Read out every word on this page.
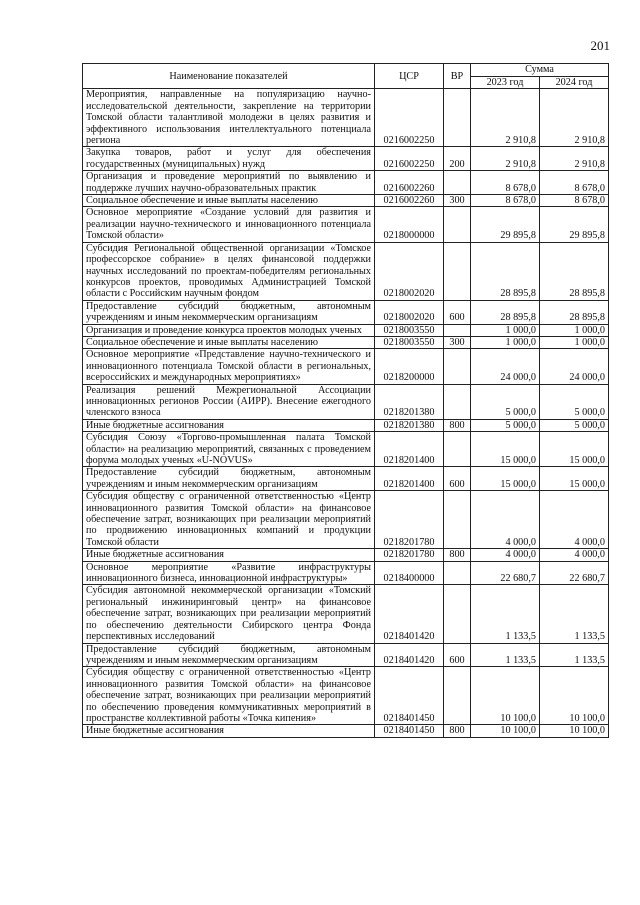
201
Наименование показателей	ЦСР	ВР	Сумма	
			2023 год	2024 год
Мероприятия, направленные на популяризацию научно-исследовательской деятельности, закрепление на территории Томской области талантливой молодежи в целях развития и эффективного использования интеллектуального потенциала региона	0216002250		2 910,8	2 910,8
Закупка товаров, работ и услуг для обеспечения государственных (муниципальных) нужд	0216002250	200	2 910,8	2 910,8
Организация и проведение мероприятий по выявлению и поддержке лучших научно-образовательных практик	0216002260		8 678,0	8 678,0
Социальное обеспечение и иные выплаты населению	0216002260	300	8 678,0	8 678,0
Основное мероприятие «Создание условий для развития и реализации научно-технического и инновационного потенциала Томской области»	0218000000		29 895,8	29 895,8
Субсидия Региональной общественной организации «Томское профессорское собрание» в целях финансовой поддержки научных исследований по проектам-победителям региональных конкурсов проектов, проводимых Администрацией Томской области с Российским научным фондом	0218002020		28 895,8	28 895,8
Предоставление субсидий бюджетным, автономным учреждениям и иным некоммерческим организациям	0218002020	600	28 895,8	28 895,8
Организация и проведение конкурса проектов молодых ученых	0218003550		1 000,0	1 000,0
Социальное обеспечение и иные выплаты населению	0218003550	300	1 000,0	1 000,0
Основное мероприятие «Представление научно-технического и инновационного потенциала Томской области в региональных, всероссийских и международных мероприятиях»	0218200000		24 000,0	24 000,0
Реализация решений Межрегиональной Ассоциации инновационных регионов России (АИРР). Внесение ежегодного членского взноса	0218201380		5 000,0	5 000,0
Иные бюджетные ассигнования	0218201380	800	5 000,0	5 000,0
Субсидия Союзу «Торгово-промышленная палата Томской области» на реализацию мероприятий, связанных с проведением форума молодых ученых «U-NOVUS»	0218201400		15 000,0	15 000,0
Предоставление субсидий бюджетным, автономным учреждениям и иным некоммерческим организациям	0218201400	600	15 000,0	15 000,0
Субсидия обществу с ограниченной ответственностью «Центр инновационного развития Томской области» на финансовое обеспечение затрат, возникающих при реализации мероприятий по продвижению инновационных компаний и продукции Томской области	0218201780		4 000,0	4 000,0
Иные бюджетные ассигнования	0218201780	800	4 000,0	4 000,0
Основное мероприятие «Развитие инфраструктуры инновационного бизнеса, инновационной инфраструктуры»	0218400000		22 680,7	22 680,7
Субсидия автономной некоммерческой организации «Томский региональный инжиниринговый центр» на финансовое обеспечение затрат, возникающих при реализации мероприятий по обеспечению деятельности Сибирского центра Фонда перспективных исследований	0218401420		1 133,5	1 133,5
Предоставление субсидий бюджетным, автономным учреждениям и иным некоммерческим организациям	0218401420	600	1 133,5	1 133,5
Субсидия обществу с ограниченной ответственностью «Центр инновационного развития Томской области» на финансовое обеспечение затрат, возникающих при реализации мероприятий по обеспечению проведения коммуникативных мероприятий в пространстве коллективной работы «Точка кипения»	0218401450		10 100,0	10 100,0
Иные бюджетные ассигнования	0218401450	800	10 100,0	10 100,0
